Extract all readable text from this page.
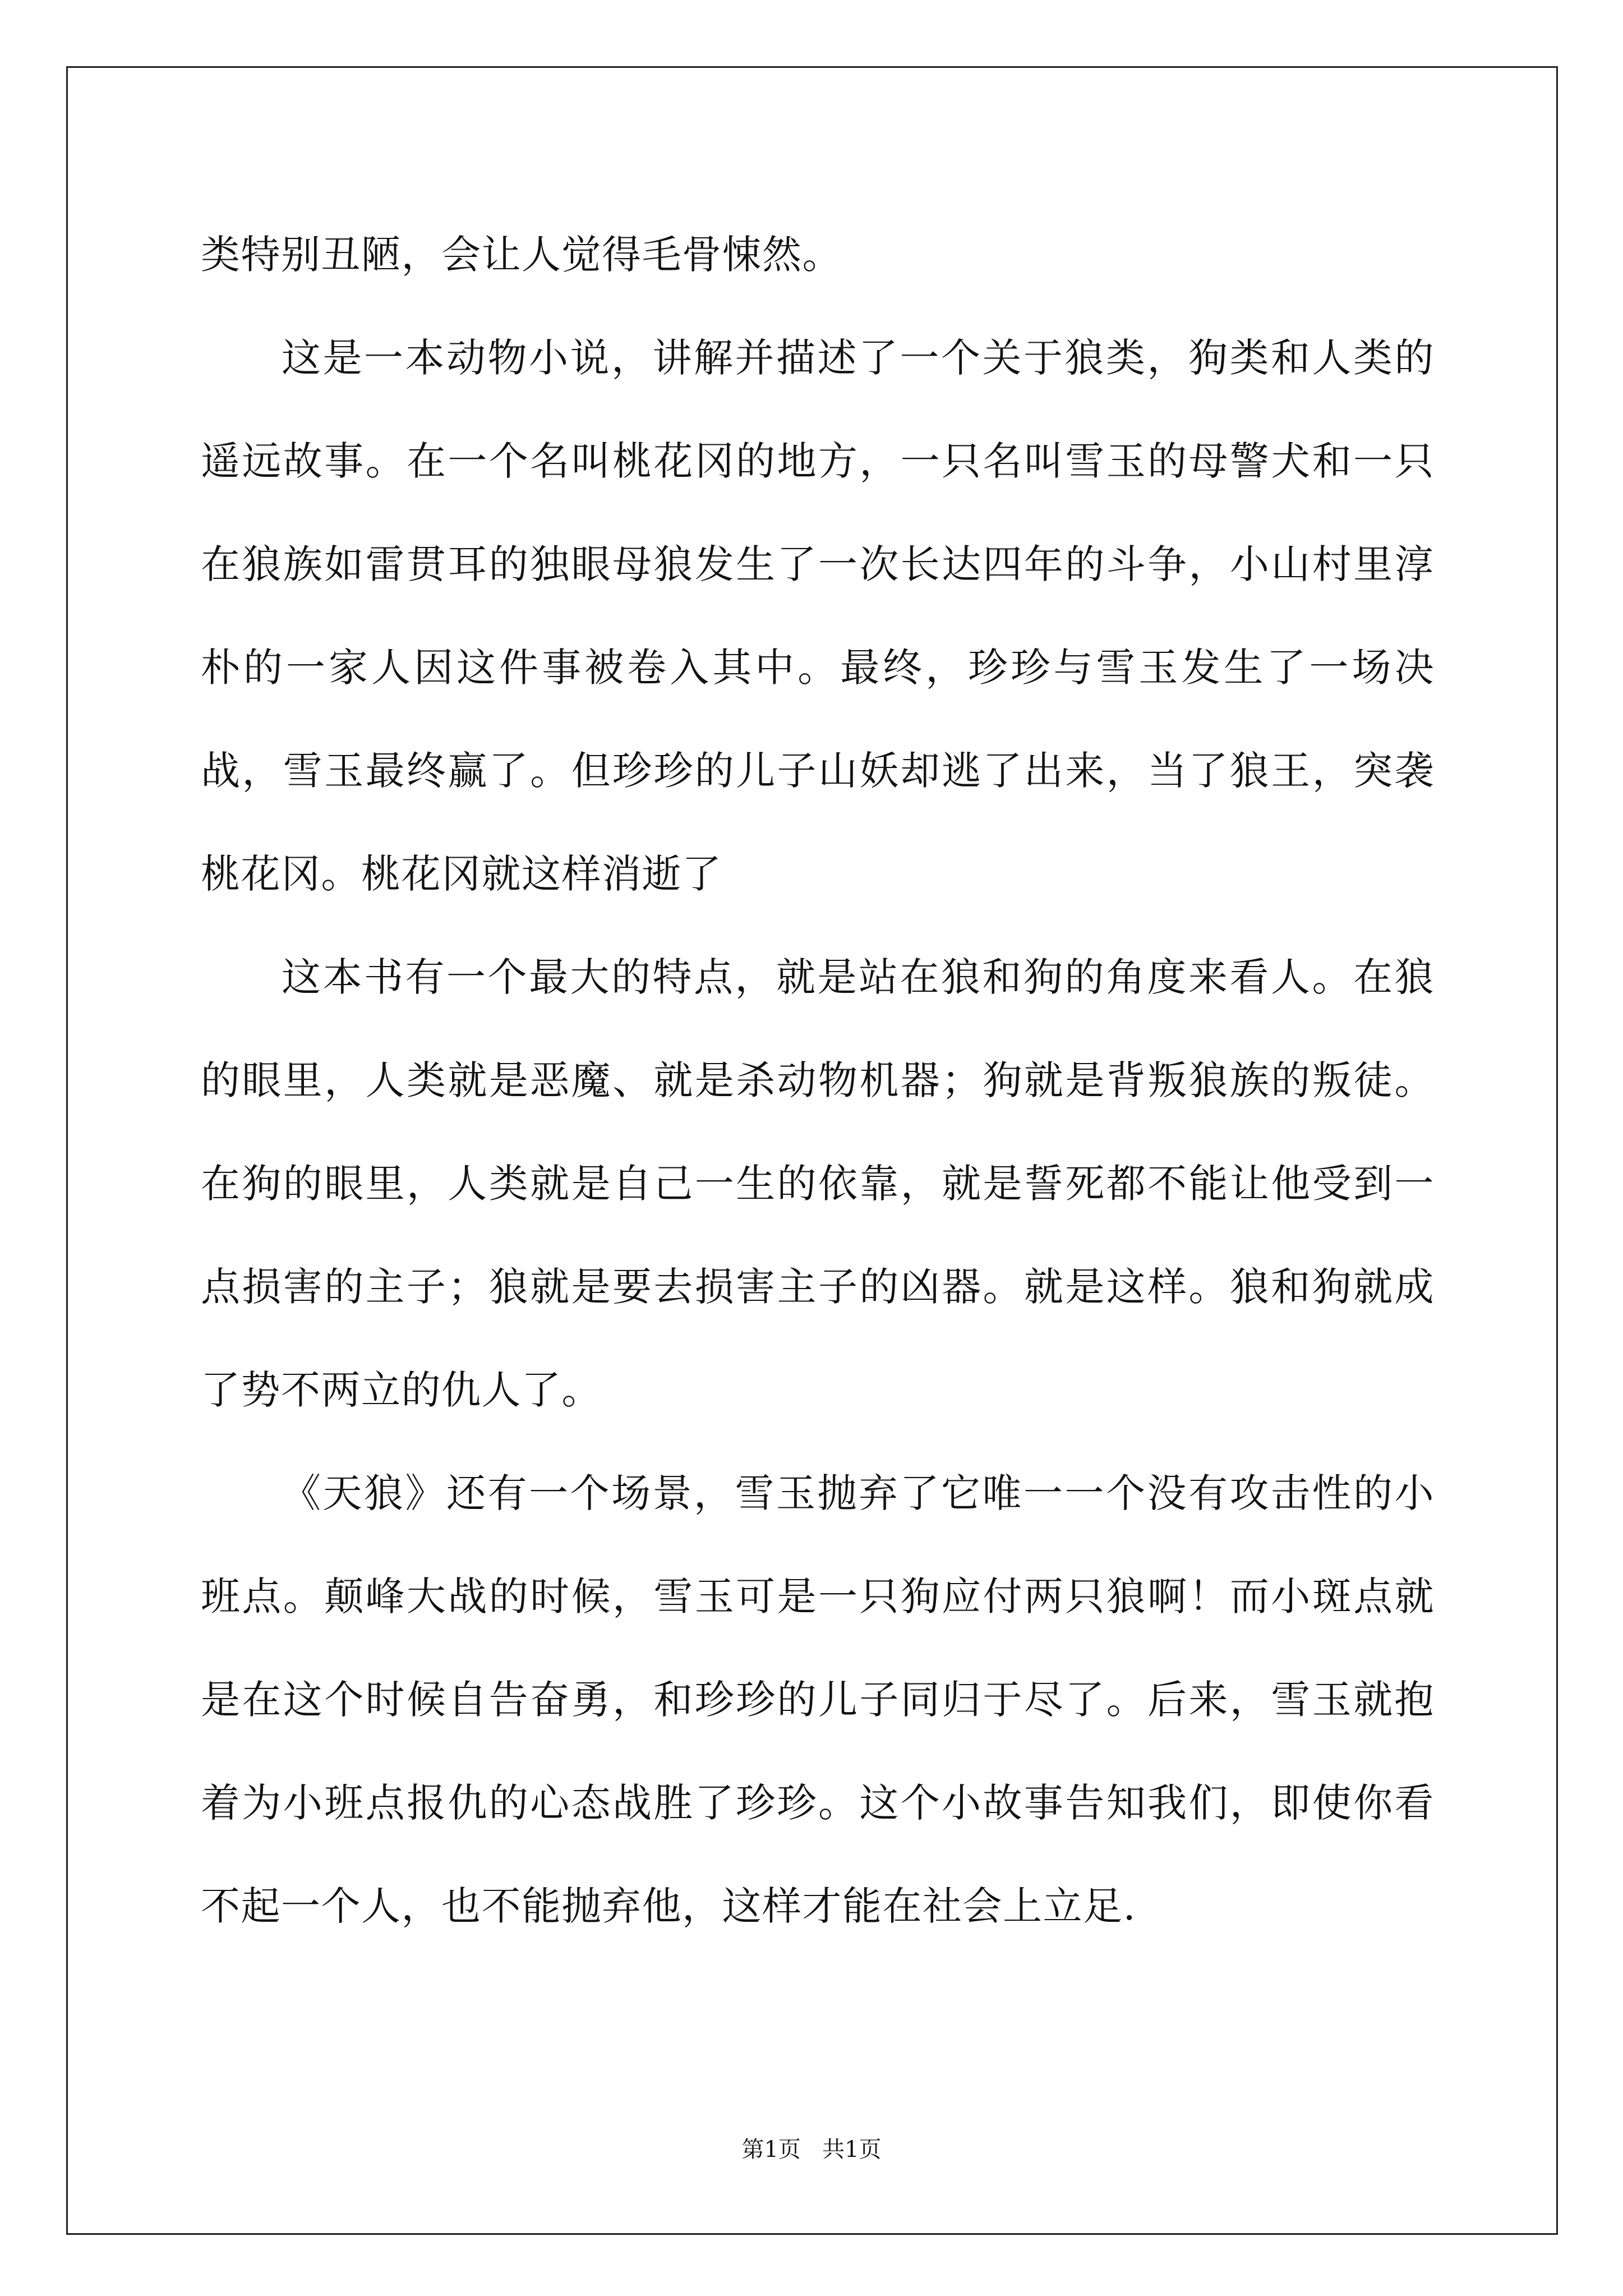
类特别丑陋，会让人觉得毛骨悚然。

这是一本动物小说，讲解并描述了一个关于狼类，狗类和人类的遥远故事。在一个名叫桃花冈的地方，一只名叫雪玉的母警犬和一只在狼族如雷贯耳的独眼母狼发生了一次长达四年的斗争，小山村里淳朴的一家人因这件事被卷入其中。最终，珍珍与雪玉发生了一场决战，雪玉最终赢了。但珍珍的儿子山妖却逃了出来，当了狼王，突袭桃花冈。桃花冈就这样消逝了

这本书有一个最大的特点，就是站在狼和狗的角度来看人。在狼的眼里，人类就是恶魔、就是杀动物机器；狗就是背叛狼族的叛徒。在狗的眼里，人类就是自己一生的依靠，就是誓死都不能让他受到一点损害的主子；狼就是要去损害主子的凶器。就是这样。狼和狗就成了势不两立的仇人了。

《天狼》还有一个场景，雪玉抛弃了它唯一一个没有攻击性的小班点。颠峰大战的时候，雪玉可是一只狗应付两只狼啊！而小斑点就是在这个时候自告奋勇，和珍珍的儿子同归于尽了。后来，雪玉就抱着为小班点报仇的心态战胜了珍珍。这个小故事告知我们，即使你看不起一个人，也不能抛弃他，这样才能在社会上立足.

第1页   共1页
